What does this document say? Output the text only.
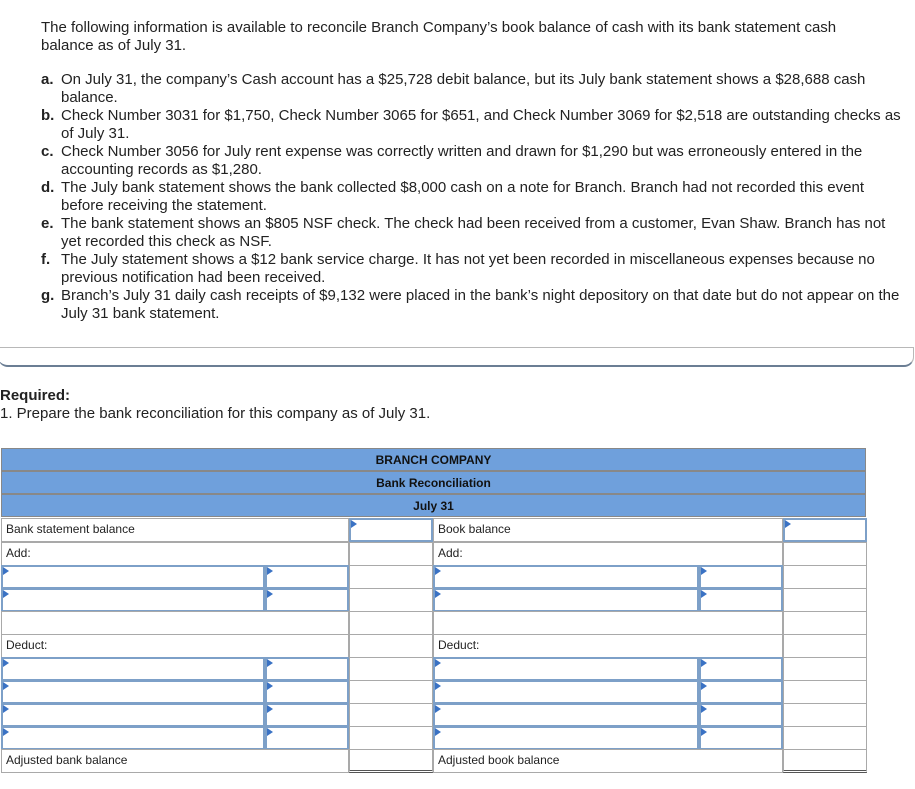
The following information is available to reconcile Branch Company’s book balance of cash with its bank statement cash balance as of July 31.
a. On July 31, the company’s Cash account has a $25,728 debit balance, but its July bank statement shows a $28,688 cash balance.
b. Check Number 3031 for $1,750, Check Number 3065 for $651, and Check Number 3069 for $2,518 are outstanding checks as of July 31.
c. Check Number 3056 for July rent expense was correctly written and drawn for $1,290 but was erroneously entered in the accounting records as $1,280.
d. The July bank statement shows the bank collected $8,000 cash on a note for Branch. Branch had not recorded this event before receiving the statement.
e. The bank statement shows an $805 NSF check. The check had been received from a customer, Evan Shaw. Branch has not yet recorded this check as NSF.
f. The July statement shows a $12 bank service charge. It has not yet been recorded in miscellaneous expenses because no previous notification had been received.
g. Branch’s July 31 daily cash receipts of $9,132 were placed in the bank’s night depository on that date but do not appear on the July 31 bank statement.
Required:
1. Prepare the bank reconciliation for this company as of July 31.
BRANCH COMPANY
Bank Reconciliation
July 31
Bank statement balance	Book balance
Add:	Add:
Deduct:	Deduct:
Adjusted bank balance	Adjusted book balance
